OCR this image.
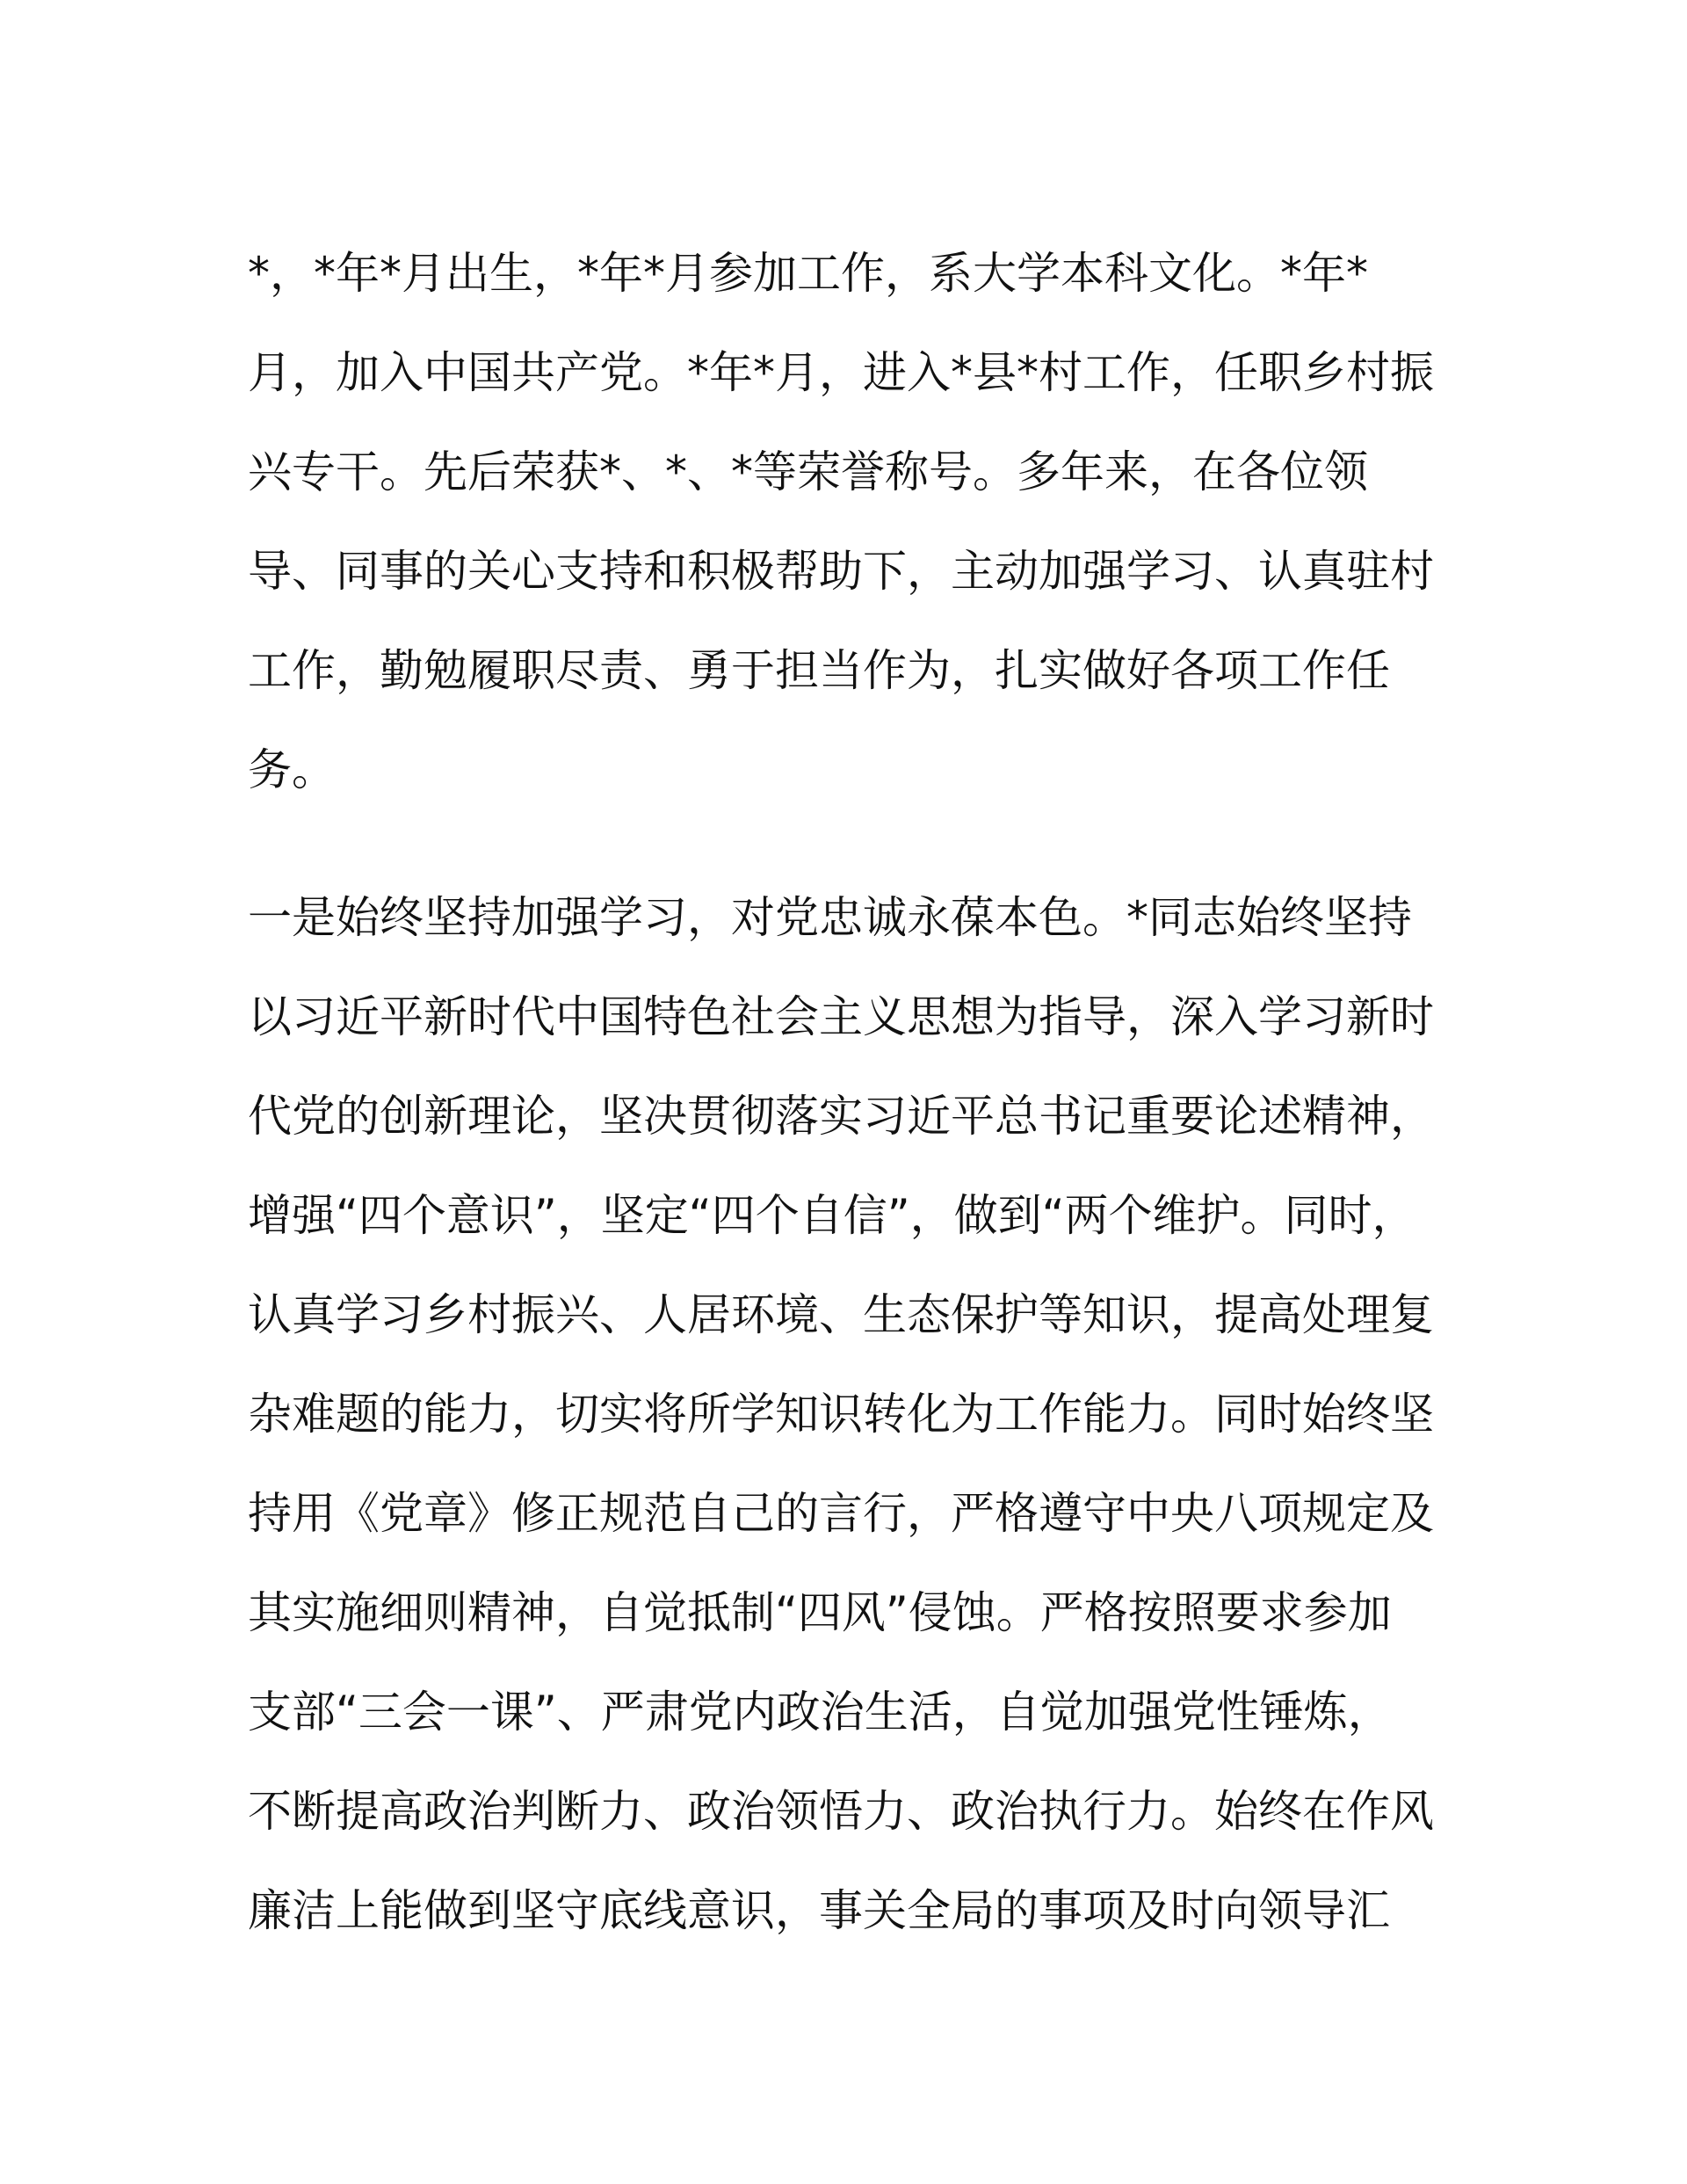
*，*年*月出生，*年*月参加工作，系大学本科文化。*年*
月，加入中国共产党。*年*月，进入*县*村工作，任职乡村振
兴专干。先后荣获*、*、*等荣誉称号。多年来，在各位领
导、同事的关心支持和积极帮助下，主动加强学习、认真驻村
工作，勤勉履职尽责、勇于担当作为，扎实做好各项工作任
务。
一是始终坚持加强学习，对党忠诚永葆本色。*同志始终坚持
以习近平新时代中国特色社会主义思想为指导，深入学习新时
代党的创新理论，坚决贯彻落实习近平总书记重要论述精神，
增强“四个意识”，坚定“四个自信”，做到“两个维护。同时，
认真学习乡村振兴、人居环境、生态保护等知识，提高处理复
杂难题的能力，切实将所学知识转化为工作能力。同时始终坚
持用《党章》修正规范自己的言行，严格遵守中央八项规定及
其实施细则精神，自觉抵制“四风”侵蚀。严格按照要求参加
支部“三会一课”、严肃党内政治生活，自觉加强党性锤炼，
不断提高政治判断力、政治领悟力、政治执行力。始终在作风
廉洁上能做到坚守底线意识，事关全局的事项及时向领导汇
